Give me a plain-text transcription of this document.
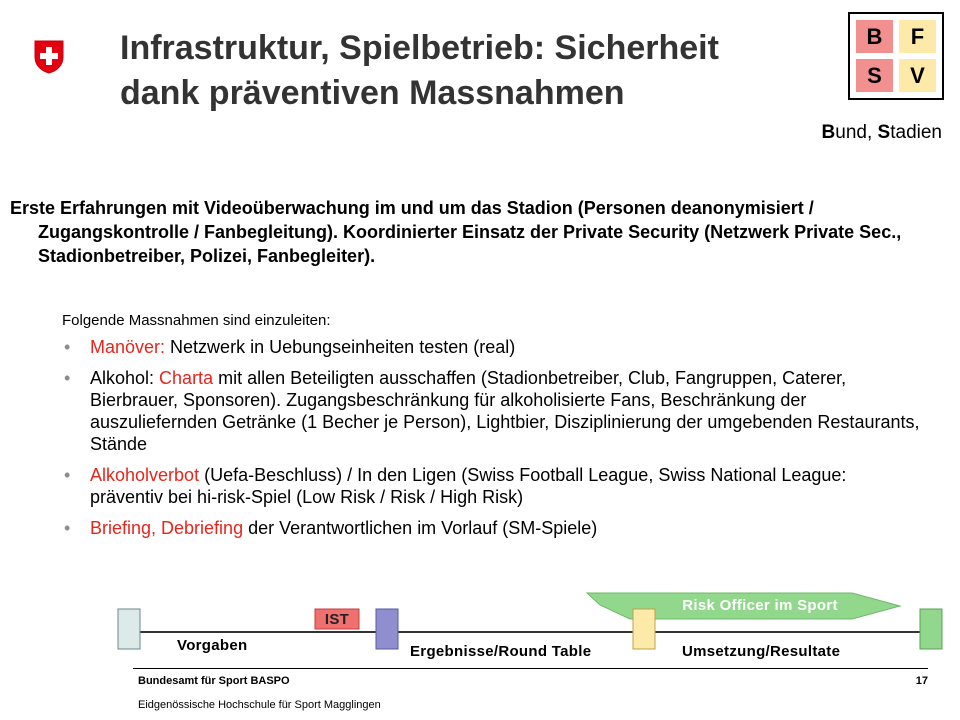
Infrastruktur, Spielbetrieb: Sicherheit
dank präventiven Massnahmen
B	F
S	V
Bund, Stadien
Erste Erfahrungen mit Videoüberwachung im und um das Stadion (Personen deanonymisiert / Zugangskontrolle / Fanbegleitung). Koordinierter Einsatz der Private Security (Netzwerk Private Sec., Stadionbetreiber, Polizei, Fanbegleiter).
Folgende Massnahmen sind einzuleiten:
• Manöver: Netzwerk in Uebungseinheiten testen (real)
• Alkohol: Charta mit allen Beteiligten ausschaffen (Stadionbetreiber, Club, Fangruppen, Caterer, Bierbrauer, Sponsoren). Zugangsbeschränkung für alkoholisierte Fans, Beschränkung der auszuliefernden Getränke (1 Becher je Person), Lightbier, Disziplinierung der umgebenden Restaurants, Stände
• Alkoholverbot (Uefa-Beschluss) / In den Ligen (Swiss Football League, Swiss National League: präventiv bei hi-risk-Spiel (Low Risk / Risk / High Risk)
• Briefing, Debriefing der Verantwortlichen im Vorlauf (SM-Spiele)
Risk Officer im Sport
IST
Vorgaben	Ergebnisse/Round Table	Umsetzung/Resultate
Bundesamt für Sport BASPO
Eidgenössische Hochschule für Sport Magglingen
17
